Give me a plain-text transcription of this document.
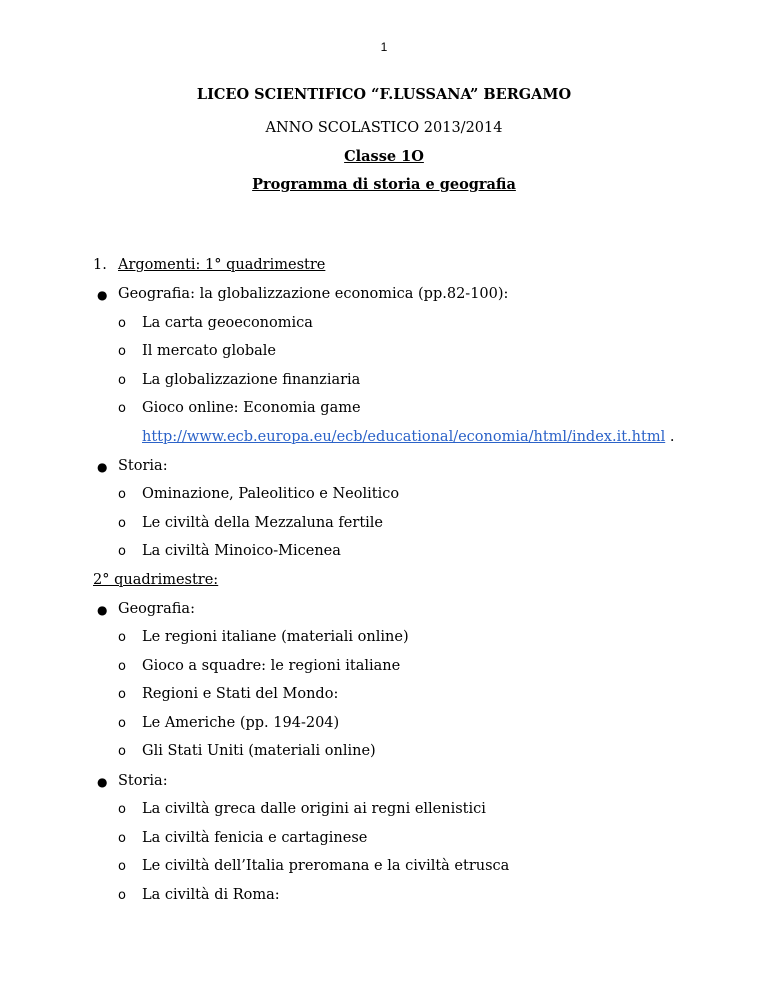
1
LICEO SCIENTIFICO “F.LUSSANA” BERGAMO
ANNO SCOLASTICO 2013/2014
Classe 1O
Programma di storia e geografia
1. Argomenti: 1° quadrimestre
● Geografia: la globalizzazione economica (pp.82-100):
o La carta geoeconomica
o Il mercato globale
o La globalizzazione finanziaria
o Gioco online: Economia game
http://www.ecb.europa.eu/ecb/educational/economia/html/index.it.html .
● Storia:
o Ominazione, Paleolitico e Neolitico
o Le civiltà della Mezzaluna fertile
o La civiltà Minoico-Micenea
2° quadrimestre:
● Geografia:
o Le regioni italiane (materiali online)
o Gioco a squadre: le regioni italiane
o Regioni e Stati del Mondo:
o Le Americhe (pp. 194-204)
o Gli Stati Uniti (materiali online)
● Storia:
o La civiltà greca dalle origini ai regni ellenistici
o La civiltà fenicia e cartaginese
o Le civiltà dell’Italia preromana e la civiltà etrusca
o La civiltà di Roma:
